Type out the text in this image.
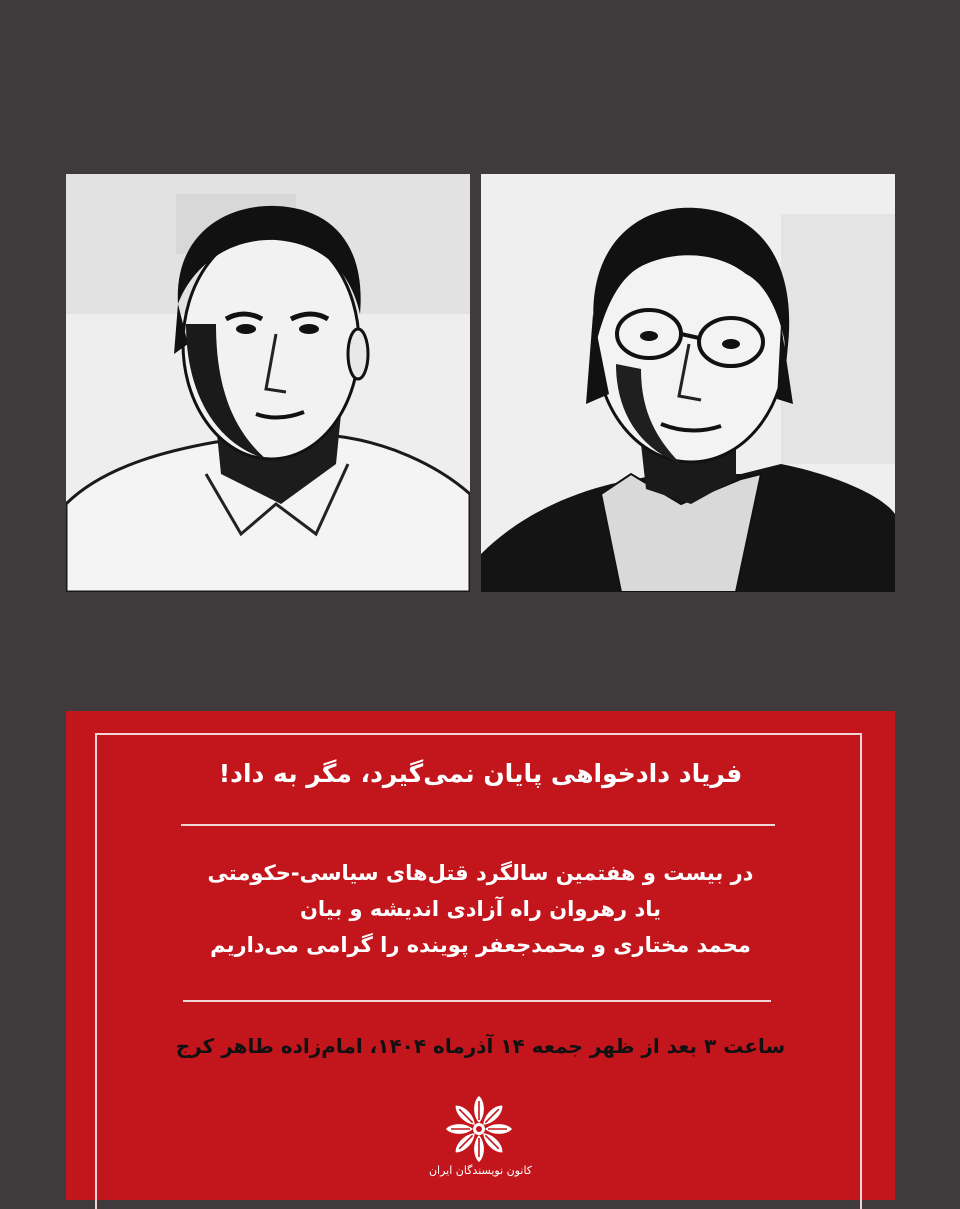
فریاد دادخواهی پایان نمی‌گیرد، مگر به داد!
در بیست و هفتمین سالگرد قتل‌های سیاسی-حکومتی
یاد رهروان راه آزادی اندیشه و بیان
محمد مختاری و محمدجعفر پوینده را گرامی می‌داریم
ساعت ۳ بعد از ظهر جمعه ۱۴ آذرماه ۱۴۰۴، امام‌زاده طاهر کرج
کانون نویسندگان ایران
